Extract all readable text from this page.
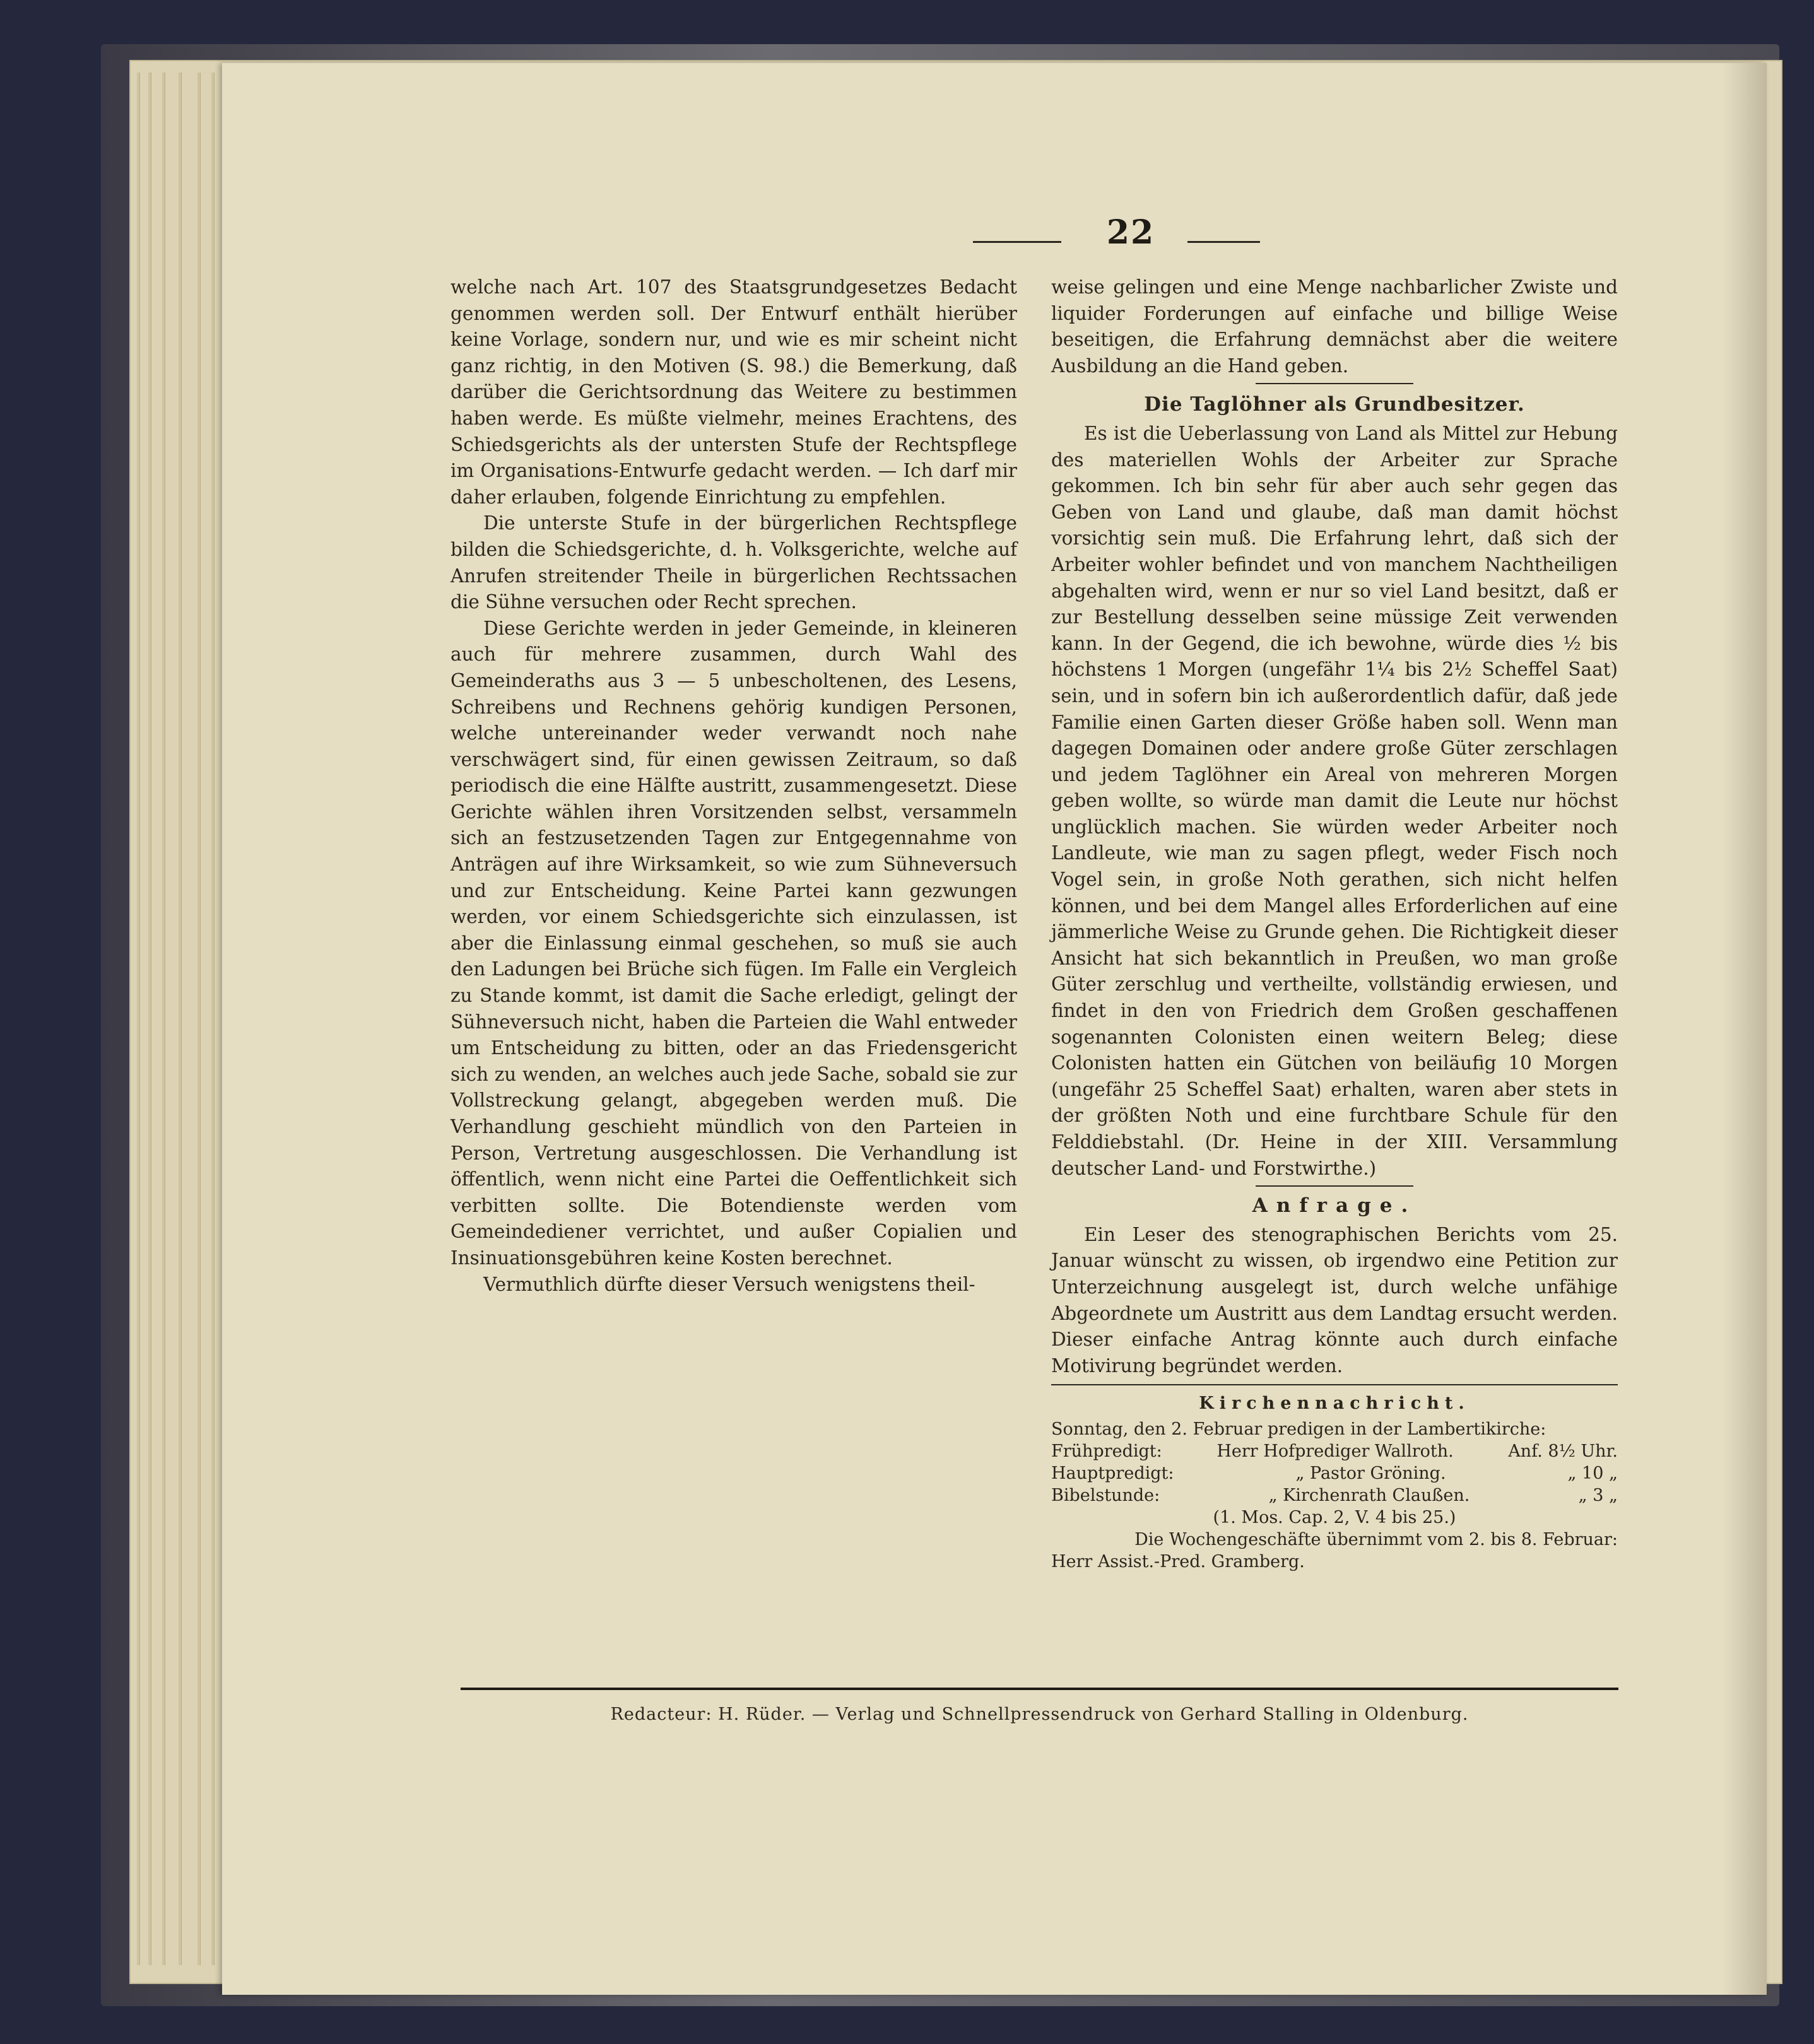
22

welche nach Art. 107 des Staatsgrundgesetzes Bedacht genommen werden soll. Der Entwurf enthält hierüber keine Vorlage, sondern nur, und wie es mir scheint nicht ganz richtig, in den Motiven (S. 98.) die Bemerkung, daß darüber die Gerichtsordnung das Weitere zu bestimmen haben werde. Es müßte vielmehr, meines Erachtens, des Schiedsgerichts als der untersten Stufe der Rechtspflege im Organisations-Entwurfe gedacht werden. — Ich darf mir daher erlauben, folgende Einrichtung zu empfehlen.

Die unterste Stufe in der bürgerlichen Rechtspflege bilden die Schiedsgerichte, d. h. Volksgerichte, welche auf Anrufen streitender Theile in bürgerlichen Rechtssachen die Sühne versuchen oder Recht sprechen.

Diese Gerichte werden in jeder Gemeinde, in kleineren auch für mehrere zusammen, durch Wahl des Gemeinderaths aus 3 — 5 unbescholtenen, des Lesens, Schreibens und Rechnens gehörig kundigen Personen, welche untereinander weder verwandt noch nahe verschwägert sind, für einen gewissen Zeitraum, so daß periodisch die eine Hälfte austritt, zusammengesetzt. Diese Gerichte wählen ihren Vorsitzenden selbst, versammeln sich an festzusetzenden Tagen zur Entgegennahme von Anträgen auf ihre Wirksamkeit, so wie zum Sühneversuch und zur Entscheidung. Keine Partei kann gezwungen werden, vor einem Schiedsgerichte sich einzulassen, ist aber die Einlassung einmal geschehen, so muß sie auch den Ladungen bei Brüche sich fügen. Im Falle ein Vergleich zu Stande kommt, ist damit die Sache erledigt, gelingt der Sühneversuch nicht, haben die Parteien die Wahl entweder um Entscheidung zu bitten, oder an das Friedensgericht sich zu wenden, an welches auch jede Sache, sobald sie zur Vollstreckung gelangt, abgegeben werden muß. Die Verhandlung geschieht mündlich von den Parteien in Person, Vertretung ausgeschlossen. Die Verhandlung ist öffentlich, wenn nicht eine Partei die Oeffentlichkeit sich verbitten sollte. Die Botendienste werden vom Gemeindediener verrichtet, und außer Copialien und Insinuationsgebühren keine Kosten berechnet.

Vermuthlich dürfte dieser Versuch wenigstens theil-

weise gelingen und eine Menge nachbarlicher Zwiste und liquider Forderungen auf einfache und billige Weise beseitigen, die Erfahrung demnächst aber die weitere Ausbildung an die Hand geben.

Die Taglöhner als Grundbesitzer.

Es ist die Ueberlassung von Land als Mittel zur Hebung des materiellen Wohls der Arbeiter zur Sprache gekommen. Ich bin sehr für aber auch sehr gegen das Geben von Land und glaube, daß man damit höchst vorsichtig sein muß. Die Erfahrung lehrt, daß sich der Arbeiter wohler befindet und von manchem Nachtheiligen abgehalten wird, wenn er nur so viel Land besitzt, daß er zur Bestellung desselben seine müssige Zeit verwenden kann. In der Gegend, die ich bewohne, würde dies ½ bis höchstens 1 Morgen (ungefähr 1¼ bis 2½ Scheffel Saat) sein, und in sofern bin ich außerordentlich dafür, daß jede Familie einen Garten dieser Größe haben soll. Wenn man dagegen Domainen oder andere große Güter zerschlagen und jedem Taglöhner ein Areal von mehreren Morgen geben wollte, so würde man damit die Leute nur höchst unglücklich machen. Sie würden weder Arbeiter noch Landleute, wie man zu sagen pflegt, weder Fisch noch Vogel sein, in große Noth gerathen, sich nicht helfen können, und bei dem Mangel alles Erforderlichen auf eine jämmerliche Weise zu Grunde gehen. Die Richtigkeit dieser Ansicht hat sich bekanntlich in Preußen, wo man große Güter zerschlug und vertheilte, vollständig erwiesen, und findet in den von Friedrich dem Großen geschaffenen sogenannten Colonisten einen weitern Beleg; diese Colonisten hatten ein Gütchen von beiläufig 10 Morgen (ungefähr 25 Scheffel Saat) erhalten, waren aber stets in der größten Noth und eine furchtbare Schule für den Felddiebstahl. (Dr. Heine in der XIII. Versammlung deutscher Land- und Forstwirthe.)

Anfrage.

Ein Leser des stenographischen Berichts vom 25. Januar wünscht zu wissen, ob irgendwo eine Petition zur Unterzeichnung ausgelegt ist, durch welche unfähige Abgeordnete um Austritt aus dem Landtag ersucht werden. Dieser einfache Antrag könnte auch durch einfache Motivirung begründet werden.

Kirchennachricht.
Sonntag, den 2. Februar predigen in der Lambertikirche:
Frühpredigt:	Herr Hofprediger Wallroth.	Anf. 8½ Uhr.
Hauptpredigt:	„ Pastor Gröning.	„ 10 „
Bibelstunde:	„ Kirchenrath Claußen.	„ 3 „
(1. Mos. Cap. 2, V. 4 bis 25.)
Die Wochengeschäfte übernimmt vom 2. bis 8. Februar:
Herr Assist.-Pred. Gramberg.
Redacteur: H. Rüder. — Verlag und Schnellpressendruck von Gerhard Stalling in Oldenburg.
